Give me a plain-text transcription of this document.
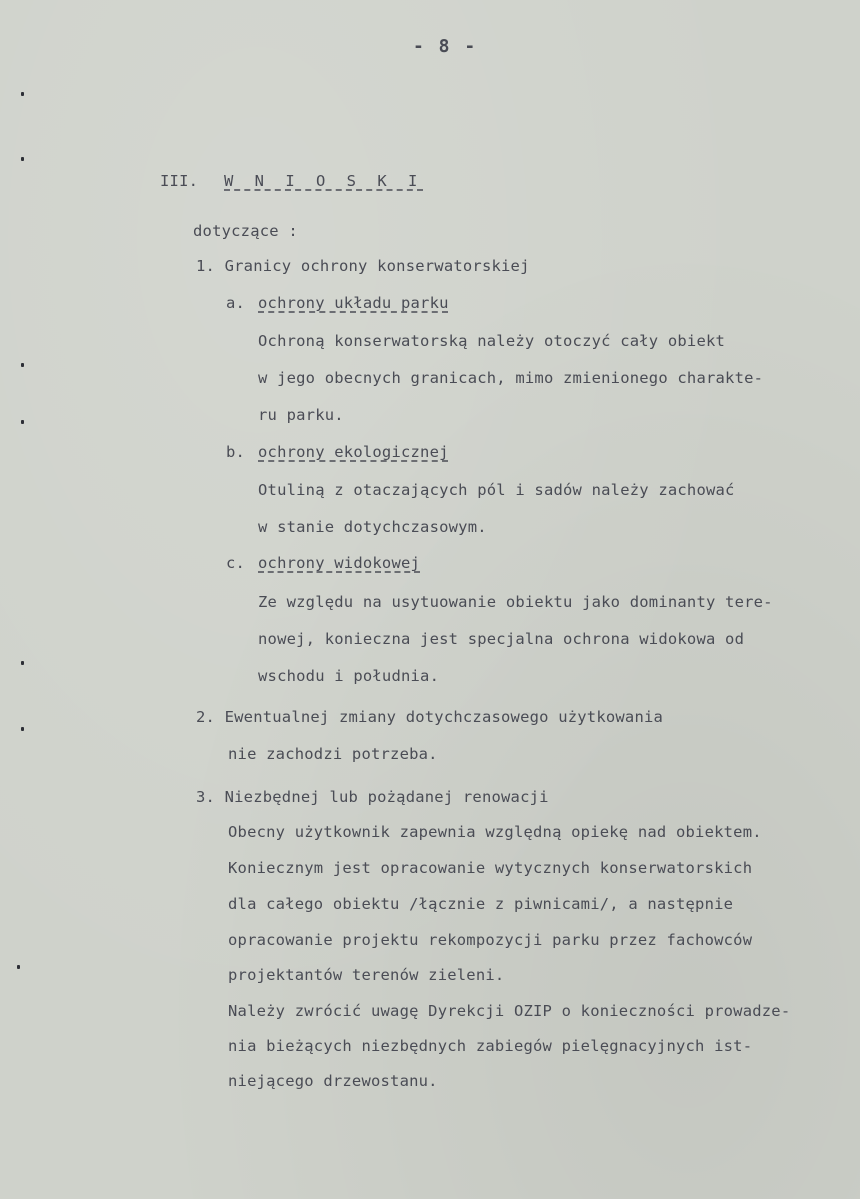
- 8 -
III. W N I O S K I
dotyczące :
1. Granicy ochrony konserwatorskiej
a. ochrony układu parku
Ochroną konserwatorską należy otoczyć cały obiekt
w jego obecnych granicach, mimo zmienionego charakte-
ru parku.
b. ochrony ekologicznej
Otuliną z otaczających pól i sadów należy zachować
w stanie dotychczasowym.
c. ochrony widokowej
Ze względu na usytuowanie obiektu jako dominanty tere-
nowej, konieczna jest specjalna ochrona widokowa od
wschodu i południa.
2. Ewentualnej zmiany dotychczasowego użytkowania
nie zachodzi potrzeba.
3. Niezbędnej lub pożądanej renowacji
Obecny użytkownik zapewnia względną opiekę nad obiektem.
Koniecznym jest opracowanie wytycznych konserwatorskich
dla całego obiektu /łącznie z piwnicami/, a następnie
opracowanie projektu rekompozycji parku przez fachowców
projektantów terenów zieleni.
Należy zwrócić uwagę Dyrekcji OZIP o konieczności prowadze-
nia bieżących niezbędnych zabiegów pielęgnacyjnych ist-
niejącego drzewostanu.
